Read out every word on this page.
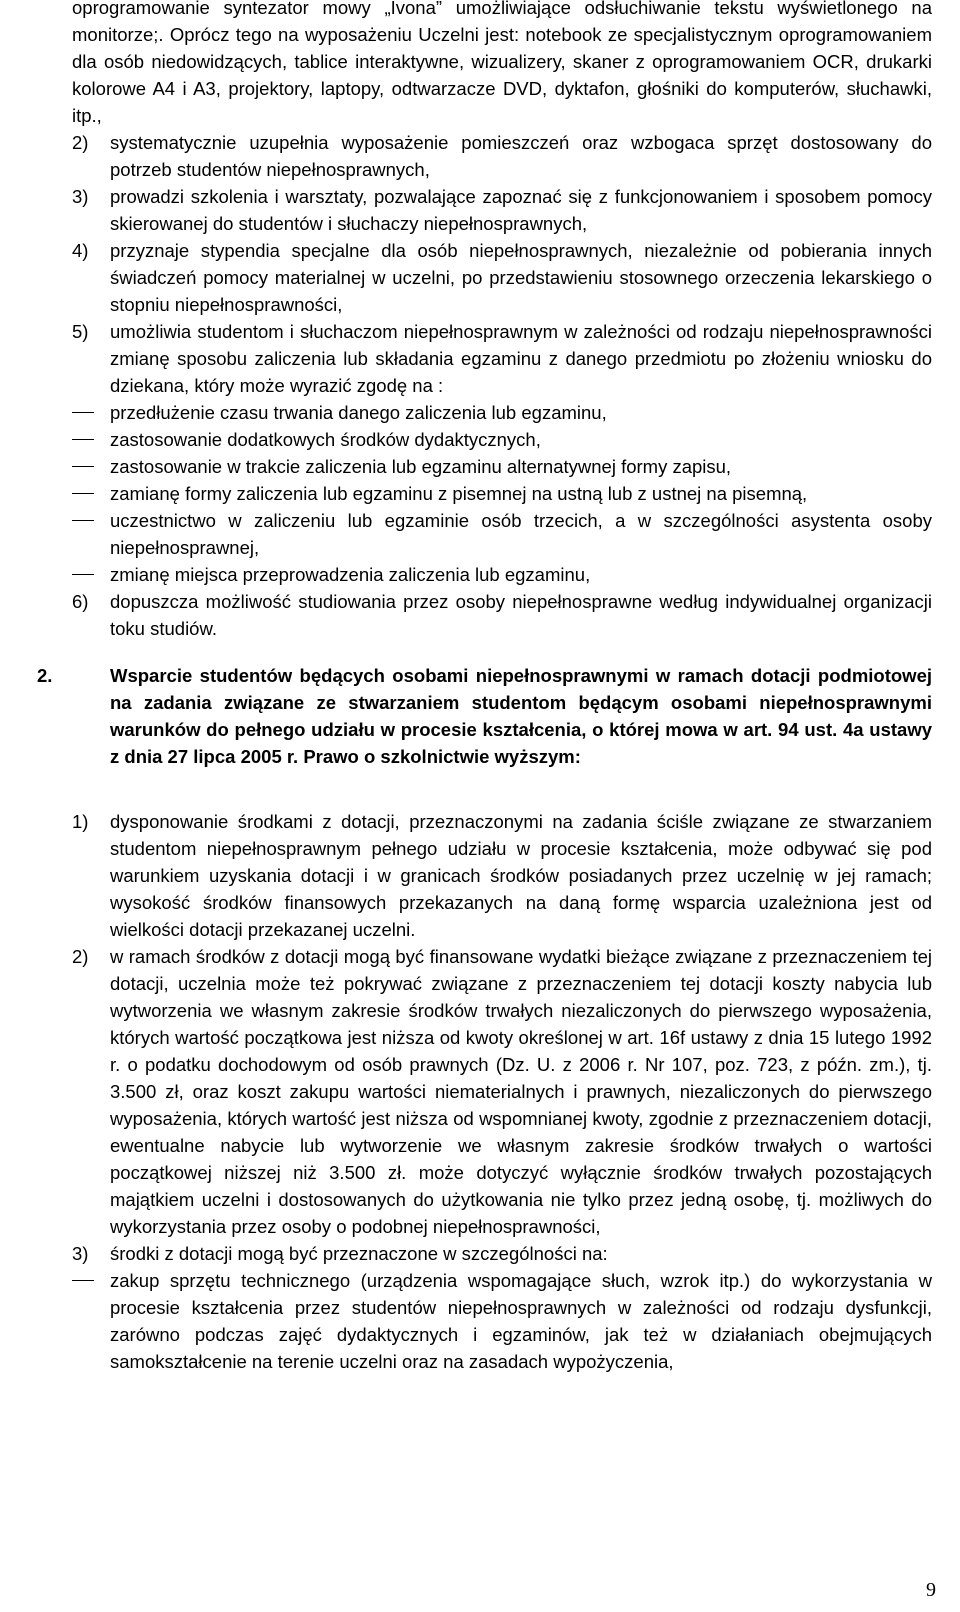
oprogramowanie syntezator mowy „Ivona” umożliwiające odsłuchiwanie tekstu wyświetlonego na monitorze;. Oprócz tego na wyposażeniu Uczelni jest: notebook ze specjalistycznym oprogramowaniem dla osób niedowidzących, tablice interaktywne, wizualizery, skaner z oprogramowaniem OCR, drukarki kolorowe A4 i A3, projektory, laptopy, odtwarzacze DVD, dyktafon, głośniki do komputerów, słuchawki, itp.,

2) systematycznie uzupełnia wyposażenie pomieszczeń oraz wzbogaca sprzęt dostosowany do potrzeb studentów niepełnosprawnych,

3) prowadzi szkolenia i warsztaty, pozwalające zapoznać się z funkcjonowaniem i sposobem pomocy skierowanej do studentów i słuchaczy niepełnosprawnych,

4) przyznaje stypendia specjalne dla osób niepełnosprawnych, niezależnie od pobierania innych świadczeń pomocy materialnej w uczelni, po przedstawieniu stosownego orzeczenia lekarskiego o stopniu niepełnosprawności,

5) umożliwia studentom i słuchaczom niepełnosprawnym w zależności od rodzaju niepełnosprawności zmianę sposobu zaliczenia lub składania egzaminu z danego przedmiotu po złożeniu wniosku do dziekana, który może wyrazić zgodę na :

przedłużenie czasu trwania danego zaliczenia lub egzaminu,

zastosowanie dodatkowych środków dydaktycznych,

zastosowanie w trakcie zaliczenia lub egzaminu alternatywnej formy zapisu,

zamianę formy zaliczenia lub egzaminu z pisemnej na ustną lub z ustnej na pisemną,

uczestnictwo w zaliczeniu lub egzaminie osób trzecich, a w szczególności asystenta osoby niepełnosprawnej,

zmianę miejsca przeprowadzenia zaliczenia lub egzaminu,

6) dopuszcza możliwość studiowania przez osoby niepełnosprawne według indywidualnej organizacji toku studiów.

2.	Wsparcie studentów będących osobami niepełnosprawnymi w ramach dotacji podmiotowej na zadania związane ze stwarzaniem studentom będącym osobami niepełnosprawnymi warunków do pełnego udziału w procesie kształcenia, o której mowa w art. 94 ust. 4a ustawy z dnia 27 lipca 2005 r. Prawo o szkolnictwie wyższym:

1) dysponowanie środkami z dotacji, przeznaczonymi na zadania ściśle związane ze stwarzaniem studentom niepełnosprawnym pełnego udziału w procesie kształcenia, może odbywać się pod warunkiem uzyskania dotacji i w granicach środków posiadanych przez uczelnię w jej ramach; wysokość środków finansowych przekazanych na daną formę wsparcia uzależniona jest od wielkości dotacji przekazanej uczelni.

2) w ramach środków z dotacji mogą być finansowane wydatki bieżące związane z przeznaczeniem tej dotacji, uczelnia może też pokrywać związane z przeznaczeniem tej dotacji koszty nabycia lub wytworzenia we własnym zakresie środków trwałych niezaliczonych do pierwszego wyposażenia, których wartość początkowa jest niższa od kwoty określonej w art. 16f ustawy z dnia 15 lutego 1992 r. o podatku dochodowym od osób prawnych (Dz. U. z 2006 r. Nr 107, poz. 723, z późn. zm.), tj. 3.500 zł, oraz koszt zakupu wartości niematerialnych i prawnych, niezaliczonych do pierwszego wyposażenia, których wartość jest niższa od wspomnianej kwoty, zgodnie z przeznaczeniem dotacji, ewentualne nabycie lub wytworzenie we własnym zakresie środków trwałych o wartości początkowej niższej niż 3.500 zł. może dotyczyć wyłącznie środków trwałych pozostających majątkiem uczelni i dostosowanych do użytkowania nie tylko przez jedną osobę, tj. możliwych do wykorzystania przez osoby o podobnej niepełnosprawności,

3) środki z dotacji mogą być przeznaczone w szczególności na:

zakup sprzętu technicznego (urządzenia wspomagające słuch, wzrok itp.) do wykorzystania w procesie kształcenia przez studentów niepełnosprawnych w zależności od rodzaju dysfunkcji, zarówno podczas zajęć dydaktycznych i egzaminów, jak też w działaniach obejmujących samokształcenie na terenie uczelni oraz na zasadach wypożyczenia,

9
